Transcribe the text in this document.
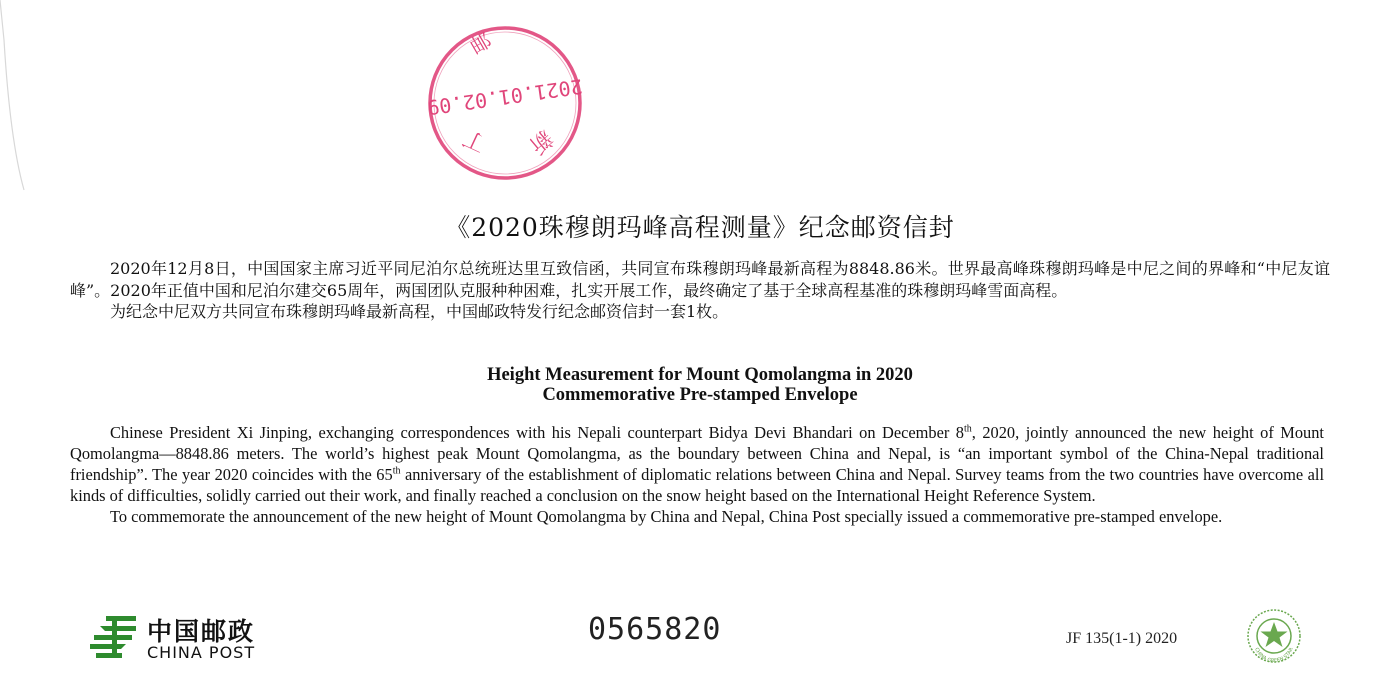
2021.01.02.09
新
丁
邮
《2020珠穆朗玛峰高程测量》纪念邮资信封

2020年12月8日，中国国家主席习近平同尼泊尔总统班达里互致信函，共同宣布珠穆朗玛峰最新高程为8848.86米。世界最高峰珠穆朗玛峰是中尼之间的界峰和“中尼友谊峰”。2020年正值中国和尼泊尔建交65周年，两国团队克服种种困难，扎实开展工作，最终确定了基于全球高程基准的珠穆朗玛峰雪面高程。

为纪念中尼双方共同宣布珠穆朗玛峰最新高程，中国邮政特发行纪念邮资信封一套1枚。

Height Measurement for Mount Qomolangma in 2020
Commemorative Pre-stamped Envelope

Chinese President Xi Jinping, exchanging correspondences with his Nepali counterpart Bidya Devi Bhandari on December 8th, 2020, jointly announced the new height of Mount Qomolangma—8848.86 meters. The world’s highest peak Mount Qomolangma, as the boundary between China and Nepal, is “an important symbol of the China-Nepal traditional friendship”. The year 2020 coincides with the 65th anniversary of the establishment of diplomatic relations between China and Nepal. Survey teams from the two countries have overcome all kinds of difficulties, solidly carried out their work, and finally reached a conclusion on the snow height based on the International Height Reference System.

To commemorate the announcement of the new height of Mount Qomolangma by China and Nepal, China Post specially issued a commemorative pre-stamped envelope.

中国邮政
CHINA POST
0565820	JF 135(1-1) 2020
CHINA GREEN STAR
